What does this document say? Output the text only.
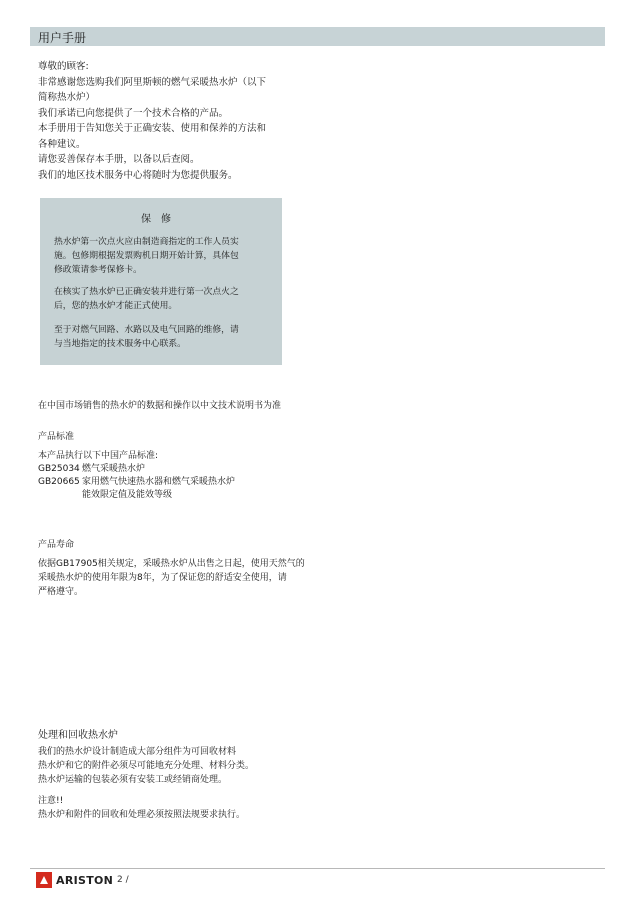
用户手册

尊敬的顾客:

非常感谢您选购我们阿里斯顿的燃气采暖热水炉（以下

简称热水炉）

我们承诺已向您提供了一个技术合格的产品。

本手册用于告知您关于正确安装、使用和保养的方法和

各种建议。

请您妥善保存本手册，以备以后查阅。

我们的地区技术服务中心将随时为您提供服务。

保修
热水炉第一次点火应由制造商指定的工作人员实
施。包修期根据发票购机日期开始计算，具体包
修政策请参考保修卡。
在核实了热水炉已正确安装并进行第一次点火之
后，您的热水炉才能正式使用。
至于对燃气回路、水路以及电气回路的维修，请
与当地指定的技术服务中心联系。
在中国市场销售的热水炉的数据和操作以中文技术说明书为准
产品标准
本产品执行以下中国产品标准:
GB25034 燃气采暖热水炉
GB20665 家用燃气快速热水器和燃气采暖热水炉
能效限定值及能效等级
产品寿命
依据GB17905相关规定，采暖热水炉从出售之日起，使用天然气的
采暖热水炉的使用年限为8年，为了保证您的舒适安全使用，请
严格遵守。
处理和回收热水炉
我们的热水炉设计制造成大部分组件为可回收材料
热水炉和它的附件必须尽可能地充分处理、材料分类。
热水炉运输的包装必须有安装工或经销商处理。
注意!!
热水炉和附件的回收和处理必须按照法规要求执行。
ARISTON 2 /
